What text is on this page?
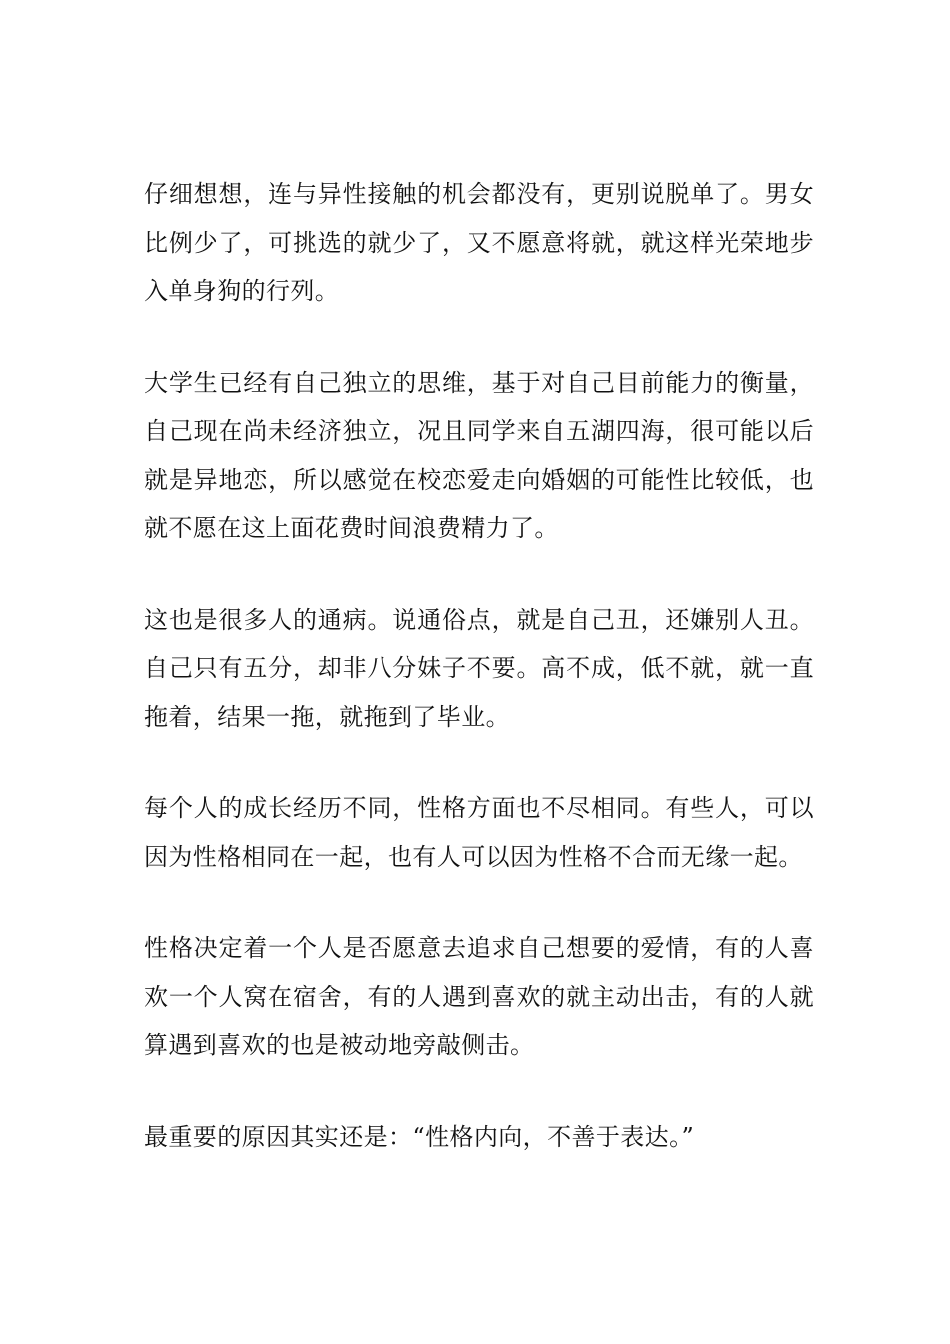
仔细想想，连与异性接触的机会都没有，更别说脱单了。男女比例少了，可挑选的就少了，又不愿意将就，就这样光荣地步入单身狗的行列。

大学生已经有自己独立的思维，基于对自己目前能力的衡量，自己现在尚未经济独立，况且同学来自五湖四海，很可能以后就是异地恋，所以感觉在校恋爱走向婚姻的可能性比较低，也就不愿在这上面花费时间浪费精力了。

这也是很多人的通病。说通俗点，就是自己丑，还嫌别人丑。自己只有五分，却非八分妹子不要。高不成，低不就，就一直拖着，结果一拖，就拖到了毕业。

每个人的成长经历不同，性格方面也不尽相同。有些人，可以因为性格相同在一起，也有人可以因为性格不合而无缘一起。

性格决定着一个人是否愿意去追求自己想要的爱情，有的人喜欢一个人窝在宿舍，有的人遇到喜欢的就主动出击，有的人就算遇到喜欢的也是被动地旁敲侧击。

最重要的原因其实还是：“性格内向，不善于表达。”
